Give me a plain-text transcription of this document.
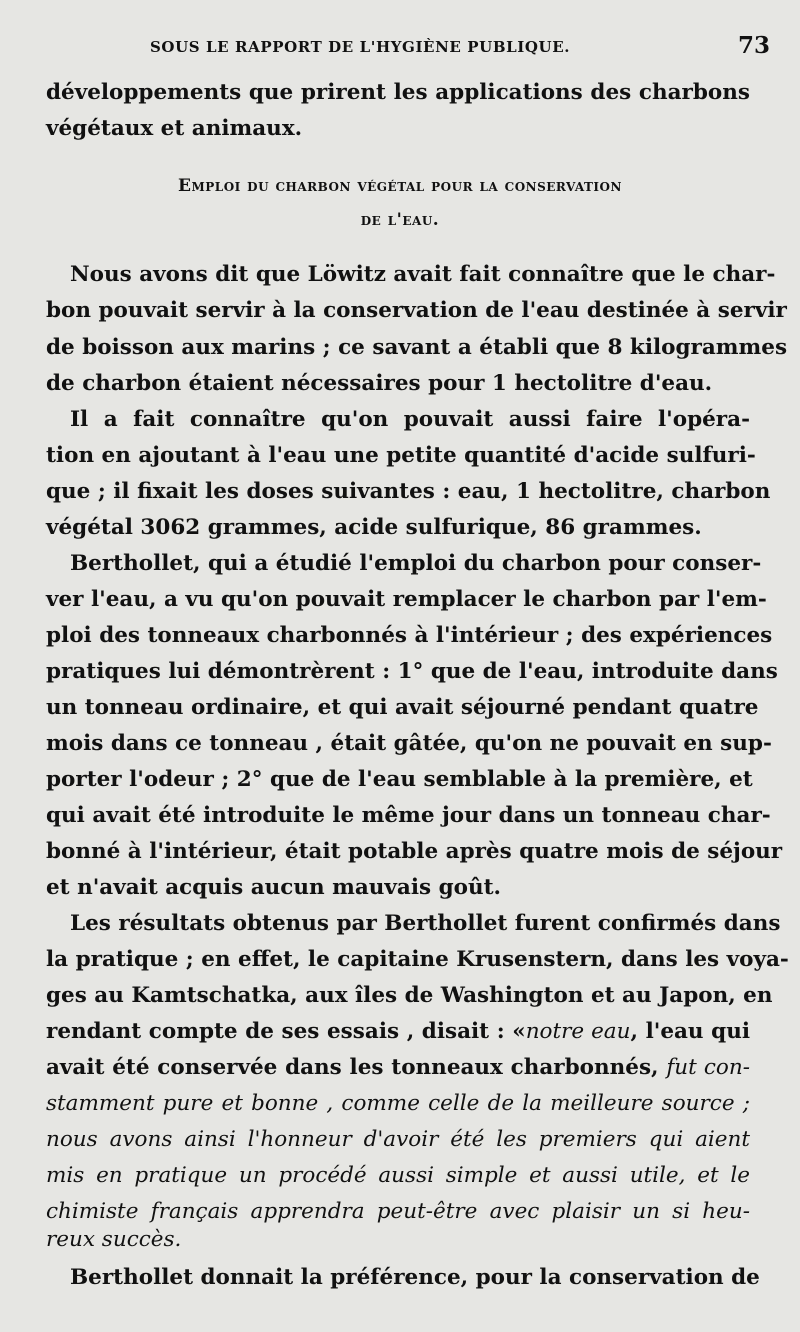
SOUS LE RAPPORT DE L'HYGIÈNE PUBLIQUE.	73
développements que prirent les applications des charbons
végétaux et animaux.
Emploi du charbon végétal pour la conservation
de l'eau.
Nous avons dit que Löwitz avait fait connaître que le char-
bon pouvait servir à la conservation de l'eau destinée à servir
de boisson aux marins ; ce savant a établi que 8 kilogrammes
de charbon étaient nécessaires pour 1 hectolitre d'eau.
Il a fait connaître qu'on pouvait aussi faire l'opéra-
tion en ajoutant à l'eau une petite quantité d'acide sulfuri-
que ; il fixait les doses suivantes : eau, 1 hectolitre, charbon
végétal 3062 grammes, acide sulfurique, 86 grammes.
Berthollet, qui a étudié l'emploi du charbon pour conser-
ver l'eau, a vu qu'on pouvait remplacer le charbon par l'em-
ploi des tonneaux charbonnés à l'intérieur ; des expériences
pratiques lui démontrèrent : 1° que de l'eau, introduite dans
un tonneau ordinaire, et qui avait séjourné pendant quatre
mois dans ce tonneau , était gâtée, qu'on ne pouvait en sup-
porter l'odeur ; 2° que de l'eau semblable à la première, et
qui avait été introduite le même jour dans un tonneau char-
bonné à l'intérieur, était potable après quatre mois de séjour
et n'avait acquis aucun mauvais goût.
Les résultats obtenus par Berthollet furent confirmés dans
la pratique ; en effet, le capitaine Krusenstern, dans les voya-
ges au Kamtschatka, aux îles de Washington et au Japon, en
rendant compte de ses essais , disait : «notre eau, l'eau qui
avait été conservée dans les tonneaux charbonnés, fut con-
stamment pure et bonne , comme celle de la meilleure source ;
nous avons ainsi l'honneur d'avoir été les premiers qui aient
mis en pratique un procédé aussi simple et aussi utile, et le
chimiste français apprendra peut-être avec plaisir un si heu-
reux succès.
Berthollet donnait la préférence, pour la conservation de
